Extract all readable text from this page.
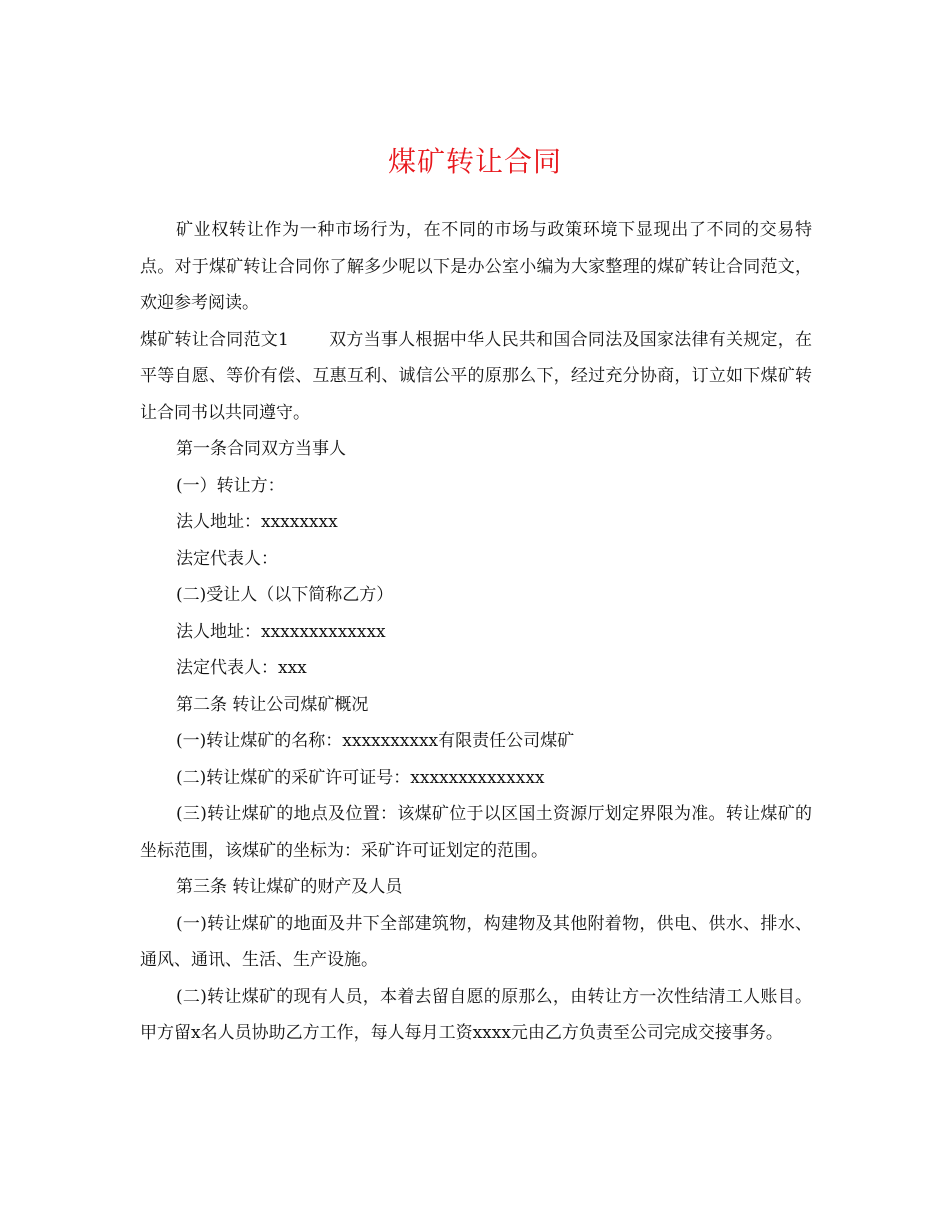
煤矿转让合同

矿业权转让作为一种市场行为，在不同的市场与政策环境下显现出了不同的交易特点。对于煤矿转让合同你了解多少呢以下是办公室小编为大家整理的煤矿转让合同范文，欢迎参考阅读。

煤矿转让合同范文1 双方当事人根据中华人民共和国合同法及国家法律有关规定，在平等自愿、等价有偿、互惠互利、诚信公平的原那么下，经过充分协商，订立如下煤矿转让合同书以共同遵守。

第一条合同双方当事人

(一）转让方：

法人地址：xxxxxxxx

法定代表人：

(二)受让人（以下简称乙方）

法人地址：xxxxxxxxxxxxx

法定代表人：xxx

第二条 转让公司煤矿概况

(一)转让煤矿的名称：xxxxxxxxxx有限责任公司煤矿

(二)转让煤矿的采矿许可证号：xxxxxxxxxxxxxx

(三)转让煤矿的地点及位置：该煤矿位于以区国土资源厅划定界限为准。转让煤矿的坐标范围，该煤矿的坐标为：采矿许可证划定的范围。

第三条 转让煤矿的财产及人员

(一)转让煤矿的地面及井下全部建筑物，构建物及其他附着物，供电、供水、排水、通风、通讯、生活、生产设施。

(二)转让煤矿的现有人员，本着去留自愿的原那么，由转让方一次性结清工人账目。甲方留x名人员协助乙方工作，每人每月工资xxxx元由乙方负责至公司完成交接事务。
